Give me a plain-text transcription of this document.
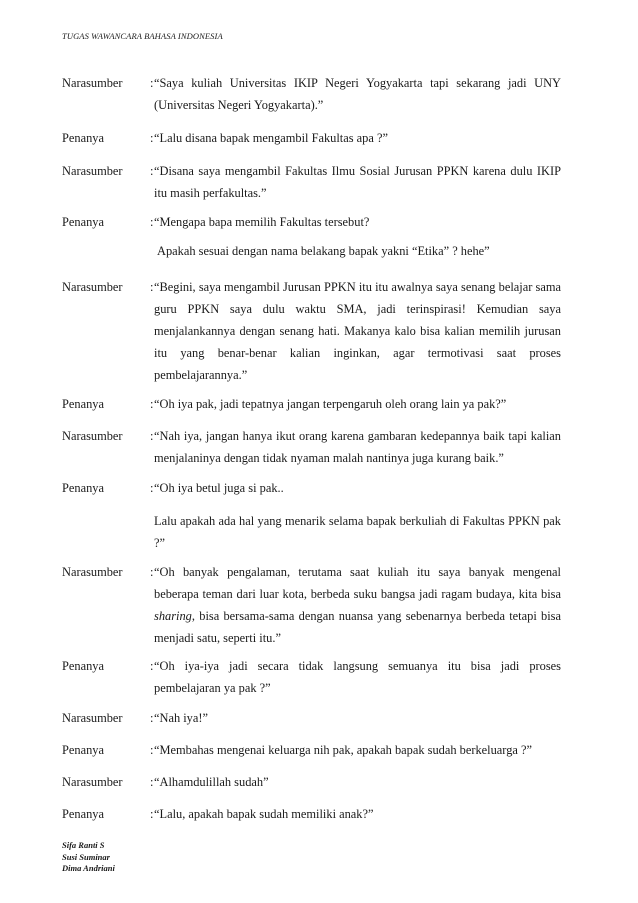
TUGAS WAWANCARA BAHASA INDONESIA
Narasumber	: “Saya kuliah Universitas IKIP Negeri Yogyakarta tapi sekarang jadi UNY (Universitas Negeri Yogyakarta).”
Penanya	: “Lalu disana bapak mengambil Fakultas apa ?”
Narasumber	: “Disana saya mengambil Fakultas Ilmu Sosial Jurusan PPKN karena dulu IKIP itu masih perfakultas.”
Penanya	: “Mengapa bapa memilih Fakultas tersebut?
Apakah sesuai dengan nama belakang bapak yakni “Etika” ? hehe”
Narasumber	: “Begini, saya mengambil Jurusan PPKN itu itu awalnya saya senang belajar sama guru PPKN saya dulu waktu SMA, jadi terinspirasi! Kemudian saya menjalankannya dengan senang hati. Makanya kalo bisa kalian memilih jurusan itu yang benar-benar kalian inginkan, agar termotivasi saat proses pembelajarannya.”
Penanya	: “Oh iya pak, jadi tepatnya jangan terpengaruh oleh orang lain ya pak?”
Narasumber	: “Nah iya, jangan hanya ikut orang karena gambaran kedepannya baik tapi kalian menjalaninya dengan tidak nyaman malah nantinya juga kurang baik.”
Penanya	: “Oh iya betul juga si pak..
Lalu apakah ada hal yang menarik selama bapak berkuliah di Fakultas PPKN pak ?”
Narasumber	: “Oh banyak pengalaman, terutama saat kuliah itu saya banyak mengenal beberapa teman dari luar kota, berbeda suku bangsa jadi ragam budaya, kita bisa sharing, bisa bersama-sama dengan nuansa yang sebenarnya berbeda tetapi bisa menjadi satu, seperti itu.”
Penanya	: “Oh iya-iya jadi secara tidak langsung semuanya itu bisa jadi proses pembelajaran ya pak ?”
Narasumber	: “Nah iya!”
Penanya	: “Membahas mengenai keluarga nih pak, apakah bapak sudah berkeluarga ?”
Narasumber	: “Alhamdulillah sudah”
Penanya	: “Lalu, apakah bapak sudah memiliki anak?”
Sifa Ranti S
Susi Suminar
Dima Andriani
